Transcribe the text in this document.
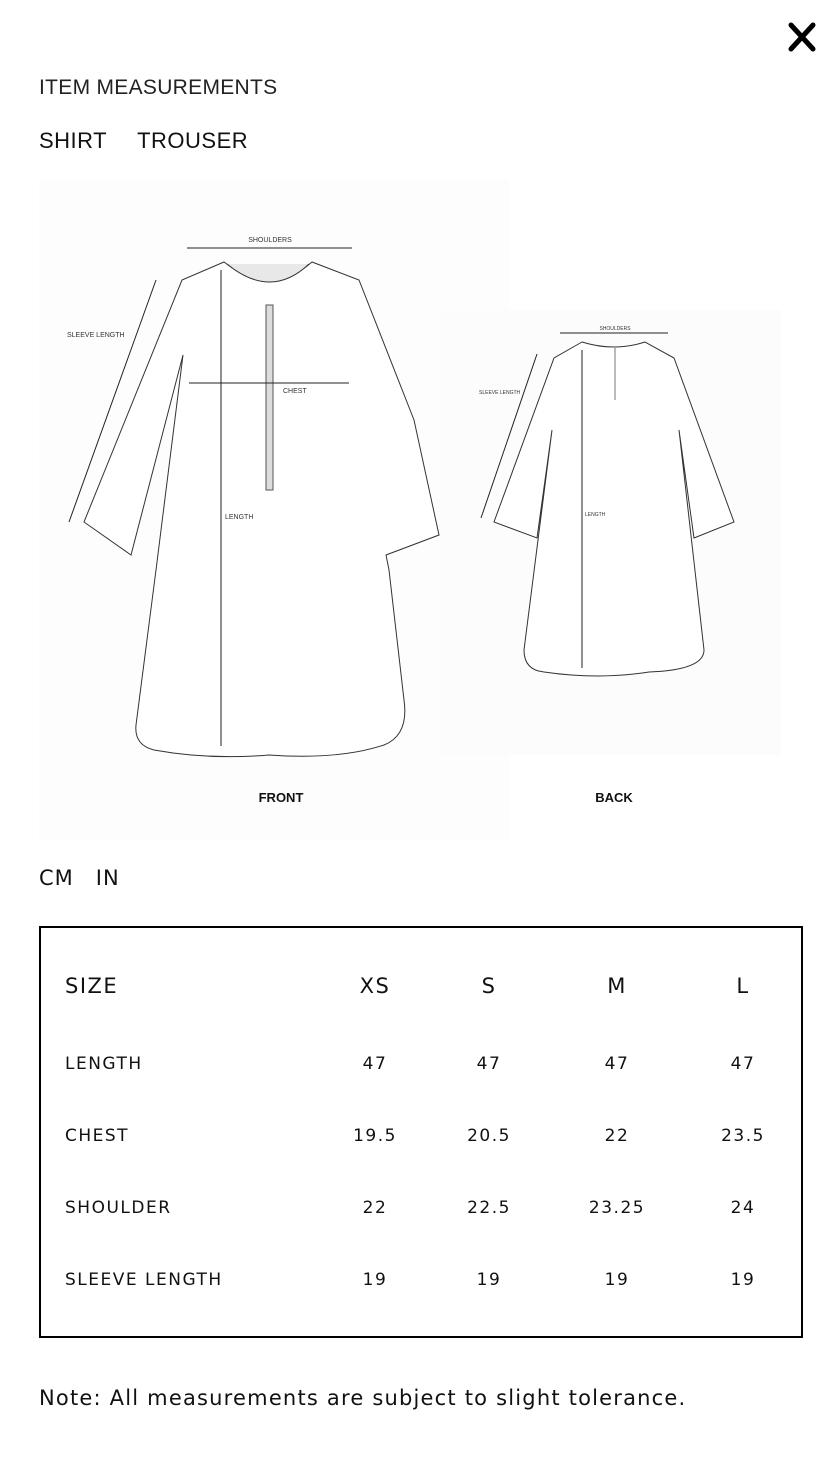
ITEM MEASUREMENTS
SHIRT TROUSER
SHOULDERS
SLEEVE LENGTH
CHEST
LENGTH
FRONT
SHOULDERS
SLEEVE LENGTH
LENGTH
BACK
CM IN
SIZE	XS	S	M	L
LENGTH	47	47	47	47
CHEST	19.5	20.5	22	23.5
SHOULDER	22	22.5	23.25	24
SLEEVE LENGTH	19	19	19	19
Note: All measurements are subject to slight tolerance.
